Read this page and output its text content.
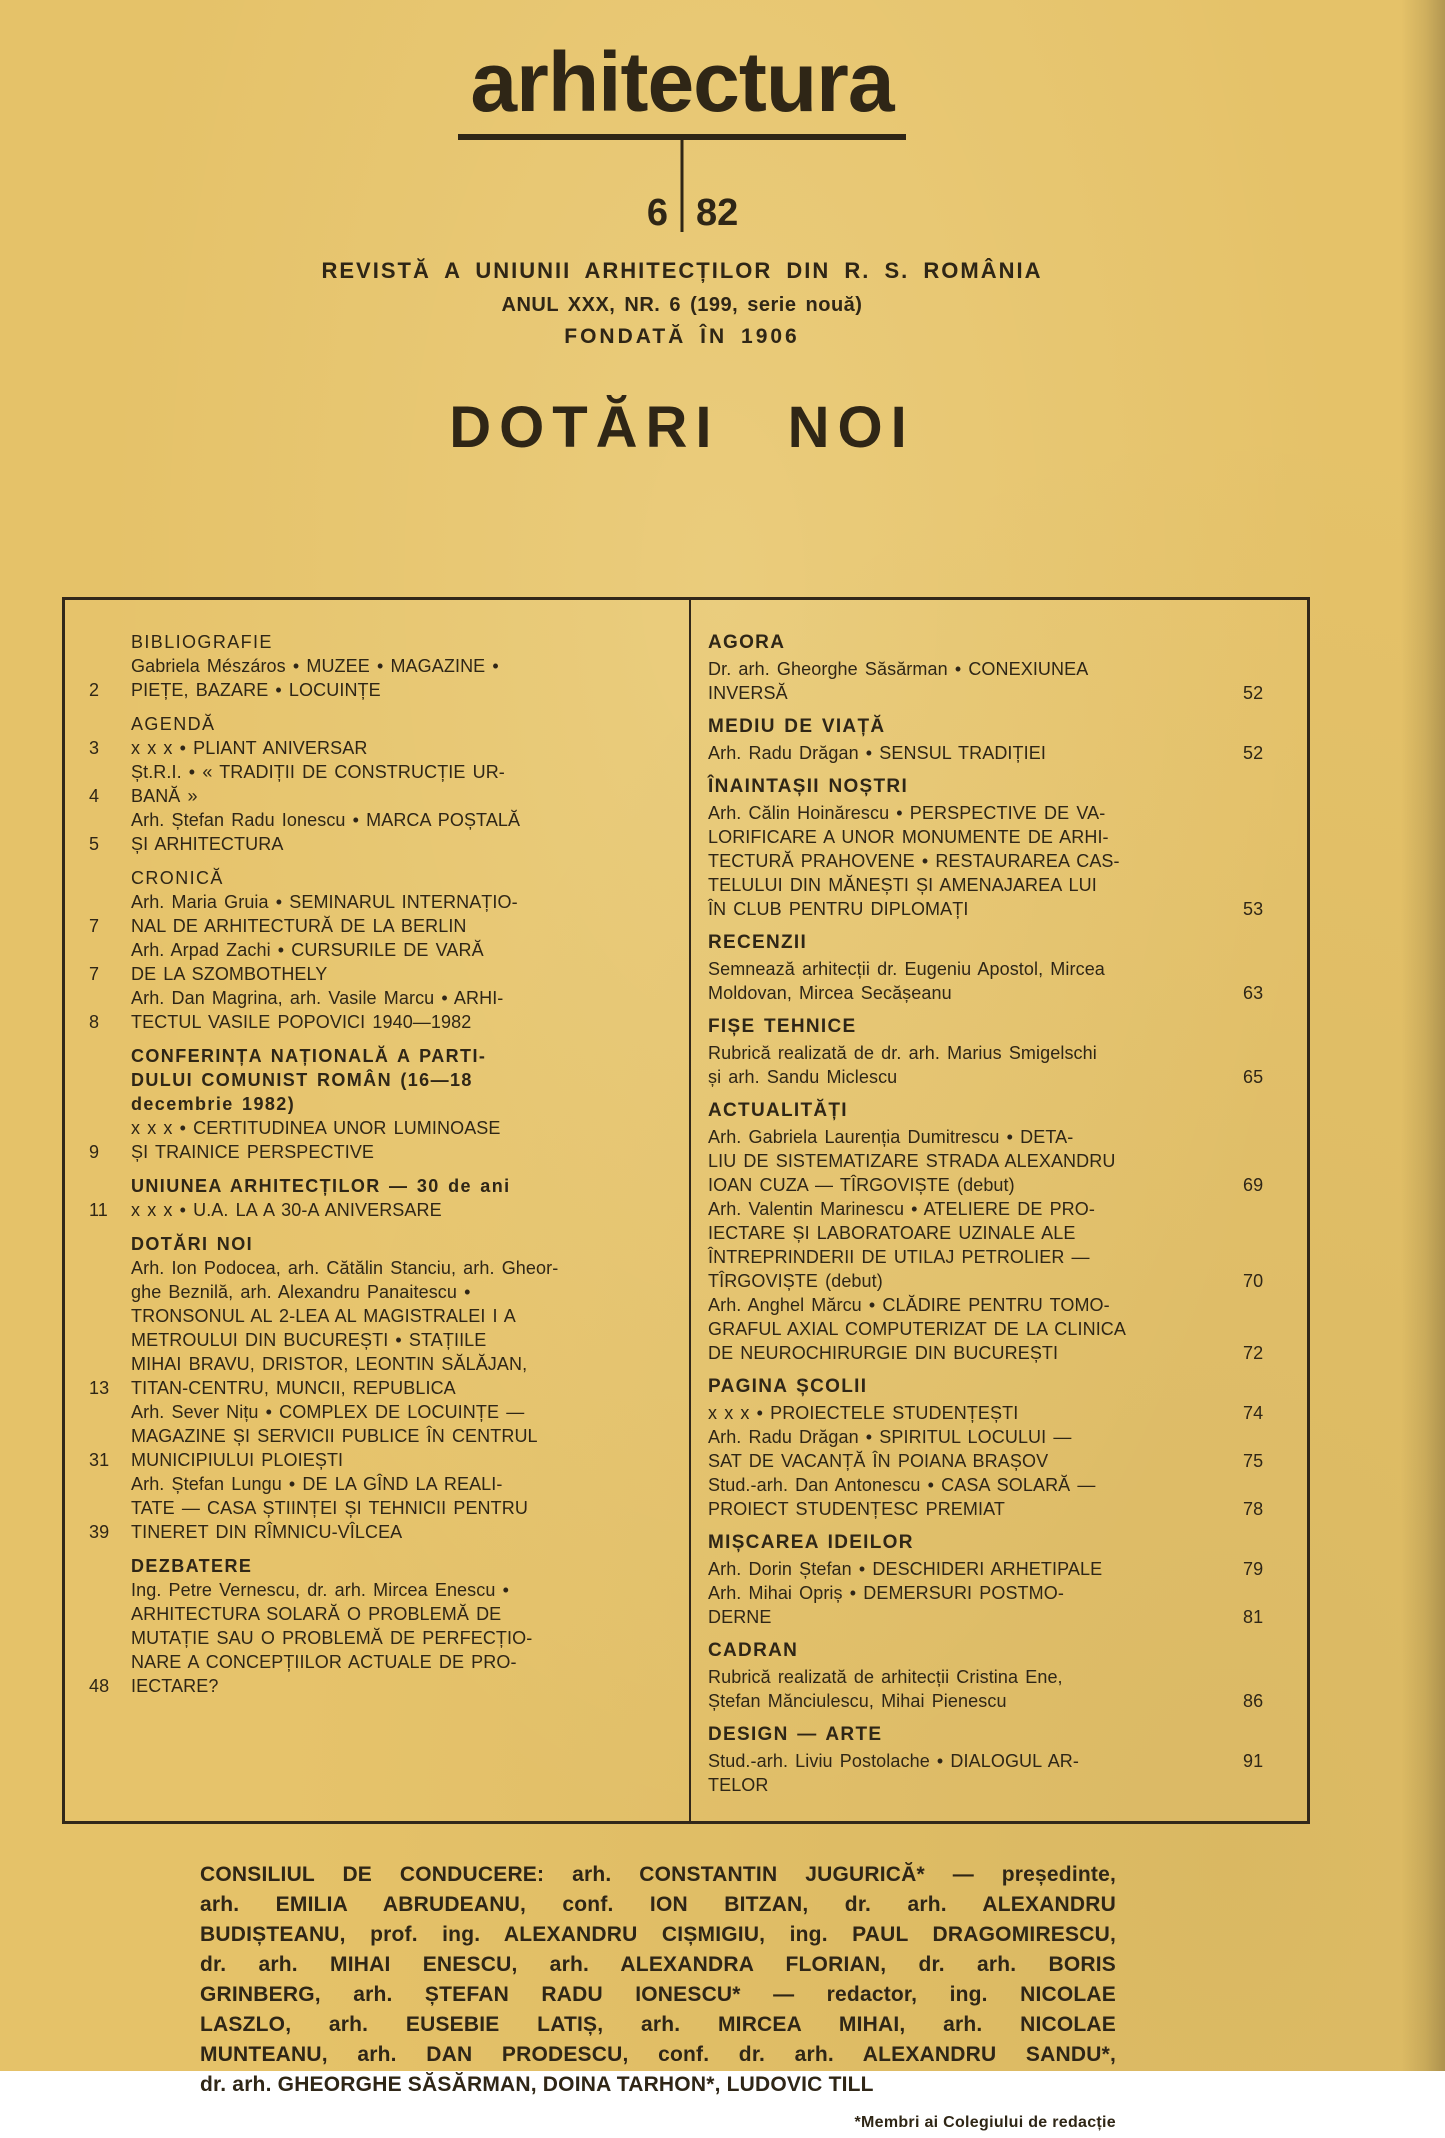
arhitectura
6 82

REVISTĂ A UNIUNII ARHITECȚILOR DIN R. S. ROMÂNIA

ANUL XXX, NR. 6 (199, serie nouă)

FONDATĂ ÎN 1906

DOTĂRI NOI
BIBLIOGRAFIE
Gabriela Mészáros • MUZEE • MAGAZINE •
2	PIEȚE, BAZARE • LOCUINȚE
AGENDĂ
3	x x x • PLIANT ANIVERSAR
Șt.R.I. • « TRADIȚII DE CONSTRUCȚIE UR-
4	BANĂ »
Arh. Ștefan Radu Ionescu • MARCA POȘTALĂ
5	ȘI ARHITECTURA
CRONICĂ
Arh. Maria Gruia • SEMINARUL INTERNAȚIO-
7	NAL DE ARHITECTURĂ DE LA BERLIN
Arh. Arpad Zachi • CURSURILE DE VARĂ
7	DE LA SZOMBOTHELY
Arh. Dan Magrina, arh. Vasile Marcu • ARHI-
8	TECTUL VASILE POPOVICI 1940—1982
CONFERINȚA NAȚIONALĂ A PARTI-
DULUI COMUNIST ROMÂN (16—18
decembrie 1982)
x x x • CERTITUDINEA UNOR LUMINOASE
9	ȘI TRAINICE PERSPECTIVE
UNIUNEA ARHITECȚILOR — 30 de ani
11	x x x • U.A. LA A 30-A ANIVERSARE
DOTĂRI NOI
Arh. Ion Podocea, arh. Cătălin Stanciu, arh. Gheor-
ghe Beznilă, arh. Alexandru Panaitescu •
TRONSONUL AL 2-LEA AL MAGISTRALEI I A
METROULUI DIN BUCUREȘTI • STAȚIILE
MIHAI BRAVU, DRISTOR, LEONTIN SĂLĂJAN,
13	TITAN-CENTRU, MUNCII, REPUBLICA
Arh. Sever Nițu • COMPLEX DE LOCUINȚE —
MAGAZINE ȘI SERVICII PUBLICE ÎN CENTRUL
31	MUNICIPIULUI PLOIEȘTI
Arh. Ștefan Lungu • DE LA GÎND LA REALI-
TATE — CASA ȘTIINȚEI ȘI TEHNICII PENTRU
39	TINERET DIN RÎMNICU-VÎLCEA
DEZBATERE
Ing. Petre Vernescu, dr. arh. Mircea Enescu •
ARHITECTURA SOLARĂ O PROBLEMĂ DE
MUTAȚIE SAU O PROBLEMĂ DE PERFECȚIO-
NARE A CONCEPȚIILOR ACTUALE DE PRO-
48	IECTARE?
AGORA
Dr. arh. Gheorghe Săsărman • CONEXIUNEA
INVERSĂ	52
MEDIU DE VIAȚĂ
Arh. Radu Drăgan • SENSUL TRADIȚIEI	52
ÎNAINTAȘII NOȘTRI
Arh. Călin Hoinărescu • PERSPECTIVE DE VA-
LORIFICARE A UNOR MONUMENTE DE ARHI-
TECTURĂ PRAHOVENE • RESTAURAREA CAS-
TELULUI DIN MĂNEȘTI ȘI AMENAJAREA LUI
ÎN CLUB PENTRU DIPLOMAȚI	53
RECENZII
Semnează arhitecții dr. Eugeniu Apostol, Mircea
Moldovan, Mircea Secășeanu	63
FIȘE TEHNICE
Rubrică realizată de dr. arh. Marius Smigelschi
și arh. Sandu Miclescu	65
ACTUALITĂȚI
Arh. Gabriela Laurenția Dumitrescu • DETA-
LIU DE SISTEMATIZARE STRADA ALEXANDRU
IOAN CUZA — TÎRGOVIȘTE (debut)	69
Arh. Valentin Marinescu • ATELIERE DE PRO-
IECTARE ȘI LABORATOARE UZINALE ALE
ÎNTREPRINDERII DE UTILAJ PETROLIER —
TÎRGOVIȘTE (debut)	70
Arh. Anghel Mărcu • CLĂDIRE PENTRU TOMO-
GRAFUL AXIAL COMPUTERIZAT DE LA CLINICA
DE NEUROCHIRURGIE DIN BUCUREȘTI	72
PAGINA ȘCOLII
x x x • PROIECTELE STUDENȚEȘTI	74
Arh. Radu Drăgan • SPIRITUL LOCULUI —
SAT DE VACANȚĂ ÎN POIANA BRAȘOV	75
Stud.-arh. Dan Antonescu • CASA SOLARĂ —
PROIECT STUDENȚESC PREMIAT	78
MIȘCAREA IDEILOR
Arh. Dorin Ștefan • DESCHIDERI ARHETIPALE	79
Arh. Mihai Opriș • DEMERSURI POSTMO-
DERNE	81
CADRAN
Rubrică realizată de arhitecții Cristina Ene,
Ștefan Mănciulescu, Mihai Pienescu	86
DESIGN — ARTE
Stud.-arh. Liviu Postolache • DIALOGUL AR-	91
TELOR
CONSILIUL DE CONDUCERE: arh. CONSTANTIN JUGURICĂ* — președinte,
arh. EMILIA ABRUDEANU, conf. ION BITZAN, dr. arh. ALEXANDRU
BUDIȘTEANU, prof. ing. ALEXANDRU CIȘMIGIU, ing. PAUL DRAGOMIRESCU,
dr. arh. MIHAI ENESCU, arh. ALEXANDRA FLORIAN, dr. arh. BORIS
GRINBERG, arh. ȘTEFAN RADU IONESCU* — redactor, ing. NICOLAE
LASZLO, arh. EUSEBIE LATIȘ, arh. MIRCEA MIHAI, arh. NICOLAE
MUNTEANU, arh. DAN PRODESCU, conf. dr. arh. ALEXANDRU SANDU*,
dr. arh. GHEORGHE SĂSĂRMAN, DOINA TARHON*, LUDOVIC TILL
*Membri ai Colegiului de redacție
